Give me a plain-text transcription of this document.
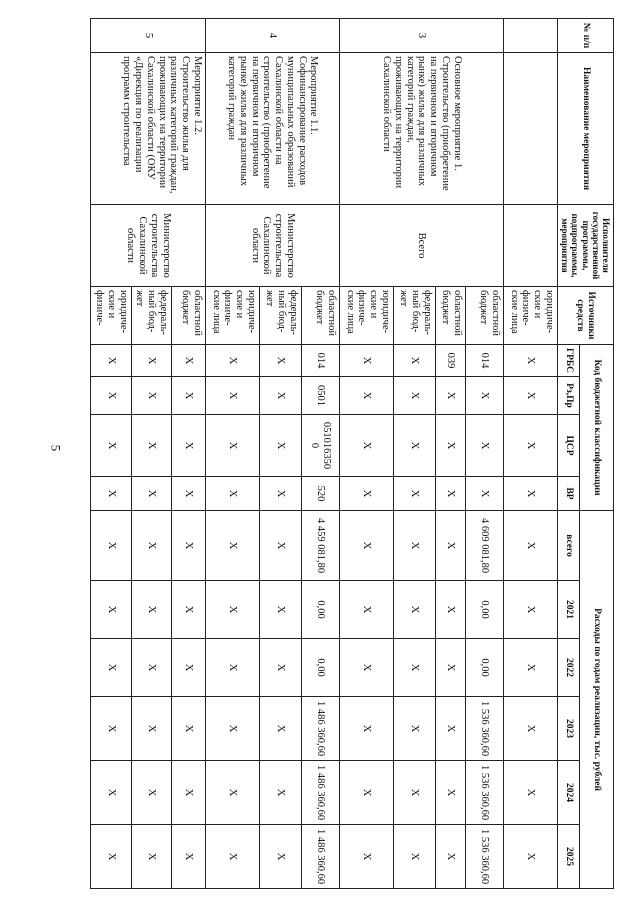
5
№ п/п	Наименование мероприятия	Исполнители государственной программы, подпрограммы, мероприятия	Источники средств	Код бюджетной классификации				Расходы по годам реализации, тыс. рублей					
				ГРБС	Рз,Пр	ЦСР	ВР	всего	2021	2022	2023	2024	2025
			юридиче-ские и физиче-ские лица	X	X	X	X	X	X	X	X	X	X
3	Основное мероприятие 1. Строительство (приобретение на первичном и вторичном рынке) жилья для различных категорий граждан, проживающих на территории Сахалинской области	Всего	областной бюджет	014	X	X	X	4 609 081,80	0,00	0,00	1 536 360,60	1 536 360,60	1 536 360,60
			областной бюджет	039	X	X	X	X	X	X	X	X	X
			федераль-ный бюд-жет	X	X	X	X	X	X	X	X	X	X
			юридиче-ские и физиче-ские лица	X	X	X	X	X	X	X	X	X	X
4	Мероприятие 1.1. Софинансирование расходов муниципальных образований Сахалинской области на строительство (приобретение на первичном и вторичном рынке) жилья для различных категорий граждан	Министерство строительства Сахалинской области	областной бюджет	014	0501	051016350 0	520	4 459 081,80	0,00	0,00	1 486 360,60	1 486 360,60	1 486 360,60
			федераль-ный бюд-жет	X	X	X	X	X	X	X	X	X	X
			юридиче-ские и физиче-ские лица	X	X	X	X	X	X	X	X	X	X
5	Мероприятие 1.2. Строительство жилья для различных категорий граждан, проживающих на территории Сахалинской области (ОКУ «Дирекция по реализации программ строительства	Министерство строительства Сахалинской области	областной бюджет	X	X	X	X	X	X	X	X	X	X
			федераль-ный бюд-жет	X	X	X	X	X	X	X	X	X	X
			юридиче-ские и физиче-	X	X	X	X	X	X	X	X	X	X
